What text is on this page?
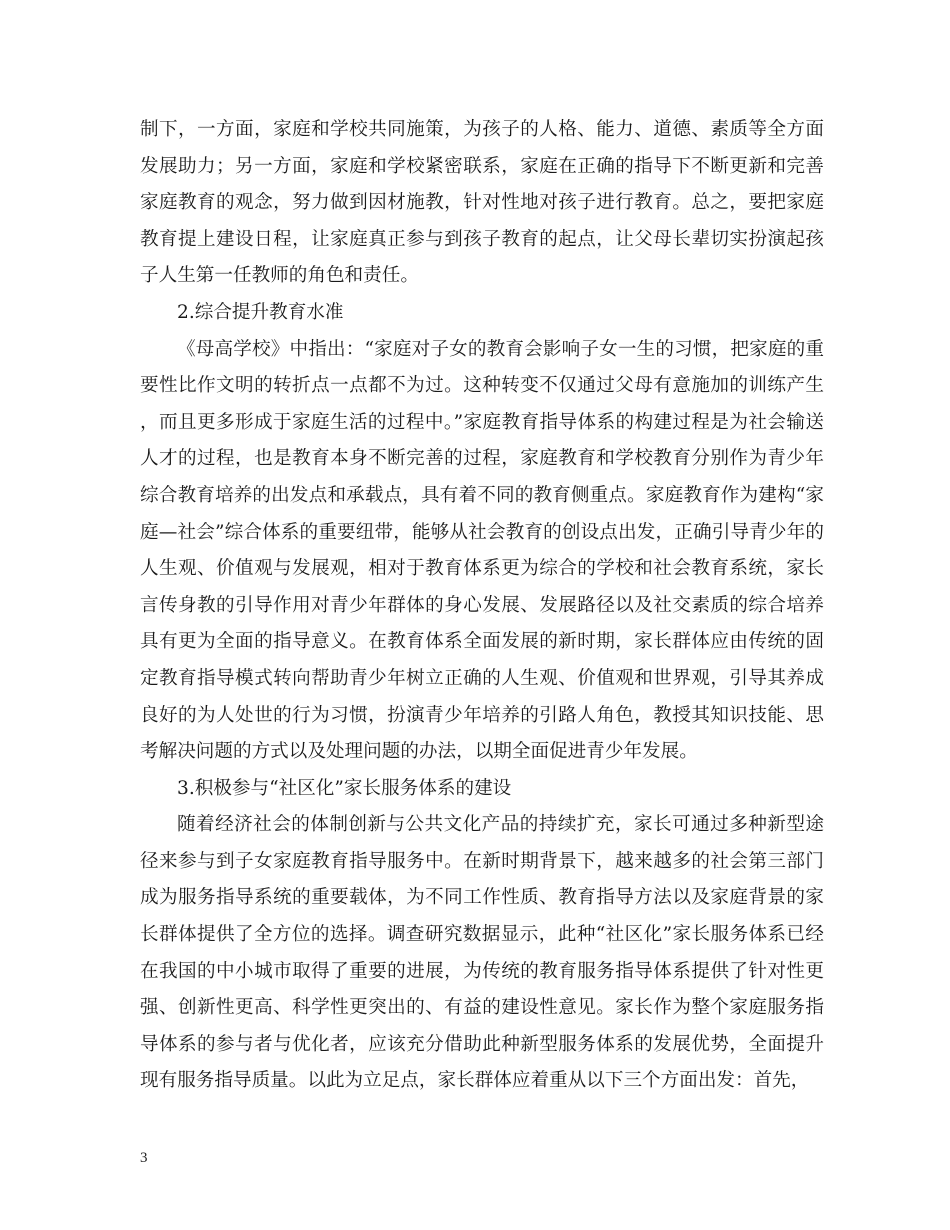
制下，一方面，家庭和学校共同施策，为孩子的人格、能力、道德、素质等全方面发展助力；另一方面，家庭和学校紧密联系，家庭在正确的指导下不断更新和完善家庭教育的观念，努力做到因材施教，针对性地对孩子进行教育。总之，要把家庭教育提上建设日程，让家庭真正参与到孩子教育的起点，让父母长辈切实扮演起孩子人生第一任教师的角色和责任。

2.综合提升教育水准

《母高学校》中指出：“家庭对子女的教育会影响子女一生的习惯，把家庭的重要性比作文明的转折点一点都不为过。这种转变不仅通过父母有意施加的训练产生，而且更多形成于家庭生活的过程中。”家庭教育指导体系的构建过程是为社会输送人才的过程，也是教育本身不断完善的过程，家庭教育和学校教育分别作为青少年综合教育培养的出发点和承载点，具有着不同的教育侧重点。家庭教育作为建构“家庭—社会”综合体系的重要纽带，能够从社会教育的创设点出发，正确引导青少年的人生观、价值观与发展观，相对于教育体系更为综合的学校和社会教育系统，家长言传身教的引导作用对青少年群体的身心发展、发展路径以及社交素质的综合培养具有更为全面的指导意义。在教育体系全面发展的新时期，家长群体应由传统的固定教育指导模式转向帮助青少年树立正确的人生观、价值观和世界观，引导其养成良好的为人处世的行为习惯，扮演青少年培养的引路人角色，教授其知识技能、思考解决问题的方式以及处理问题的办法，以期全面促进青少年发展。

3.积极参与“社区化”家长服务体系的建设

随着经济社会的体制创新与公共文化产品的持续扩充，家长可通过多种新型途径来参与到子女家庭教育指导服务中。在新时期背景下，越来越多的社会第三部门成为服务指导系统的重要载体，为不同工作性质、教育指导方法以及家庭背景的家长群体提供了全方位的选择。调查研究数据显示，此种“社区化”家长服务体系已经在我国的中小城市取得了重要的进展，为传统的教育服务指导体系提供了针对性更强、创新性更高、科学性更突出的、有益的建设性意见。家长作为整个家庭服务指导体系的参与者与优化者，应该充分借助此种新型服务体系的发展优势，全面提升现有服务指导质量。以此为立足点，家长群体应着重从以下三个方面出发：首先，

3
